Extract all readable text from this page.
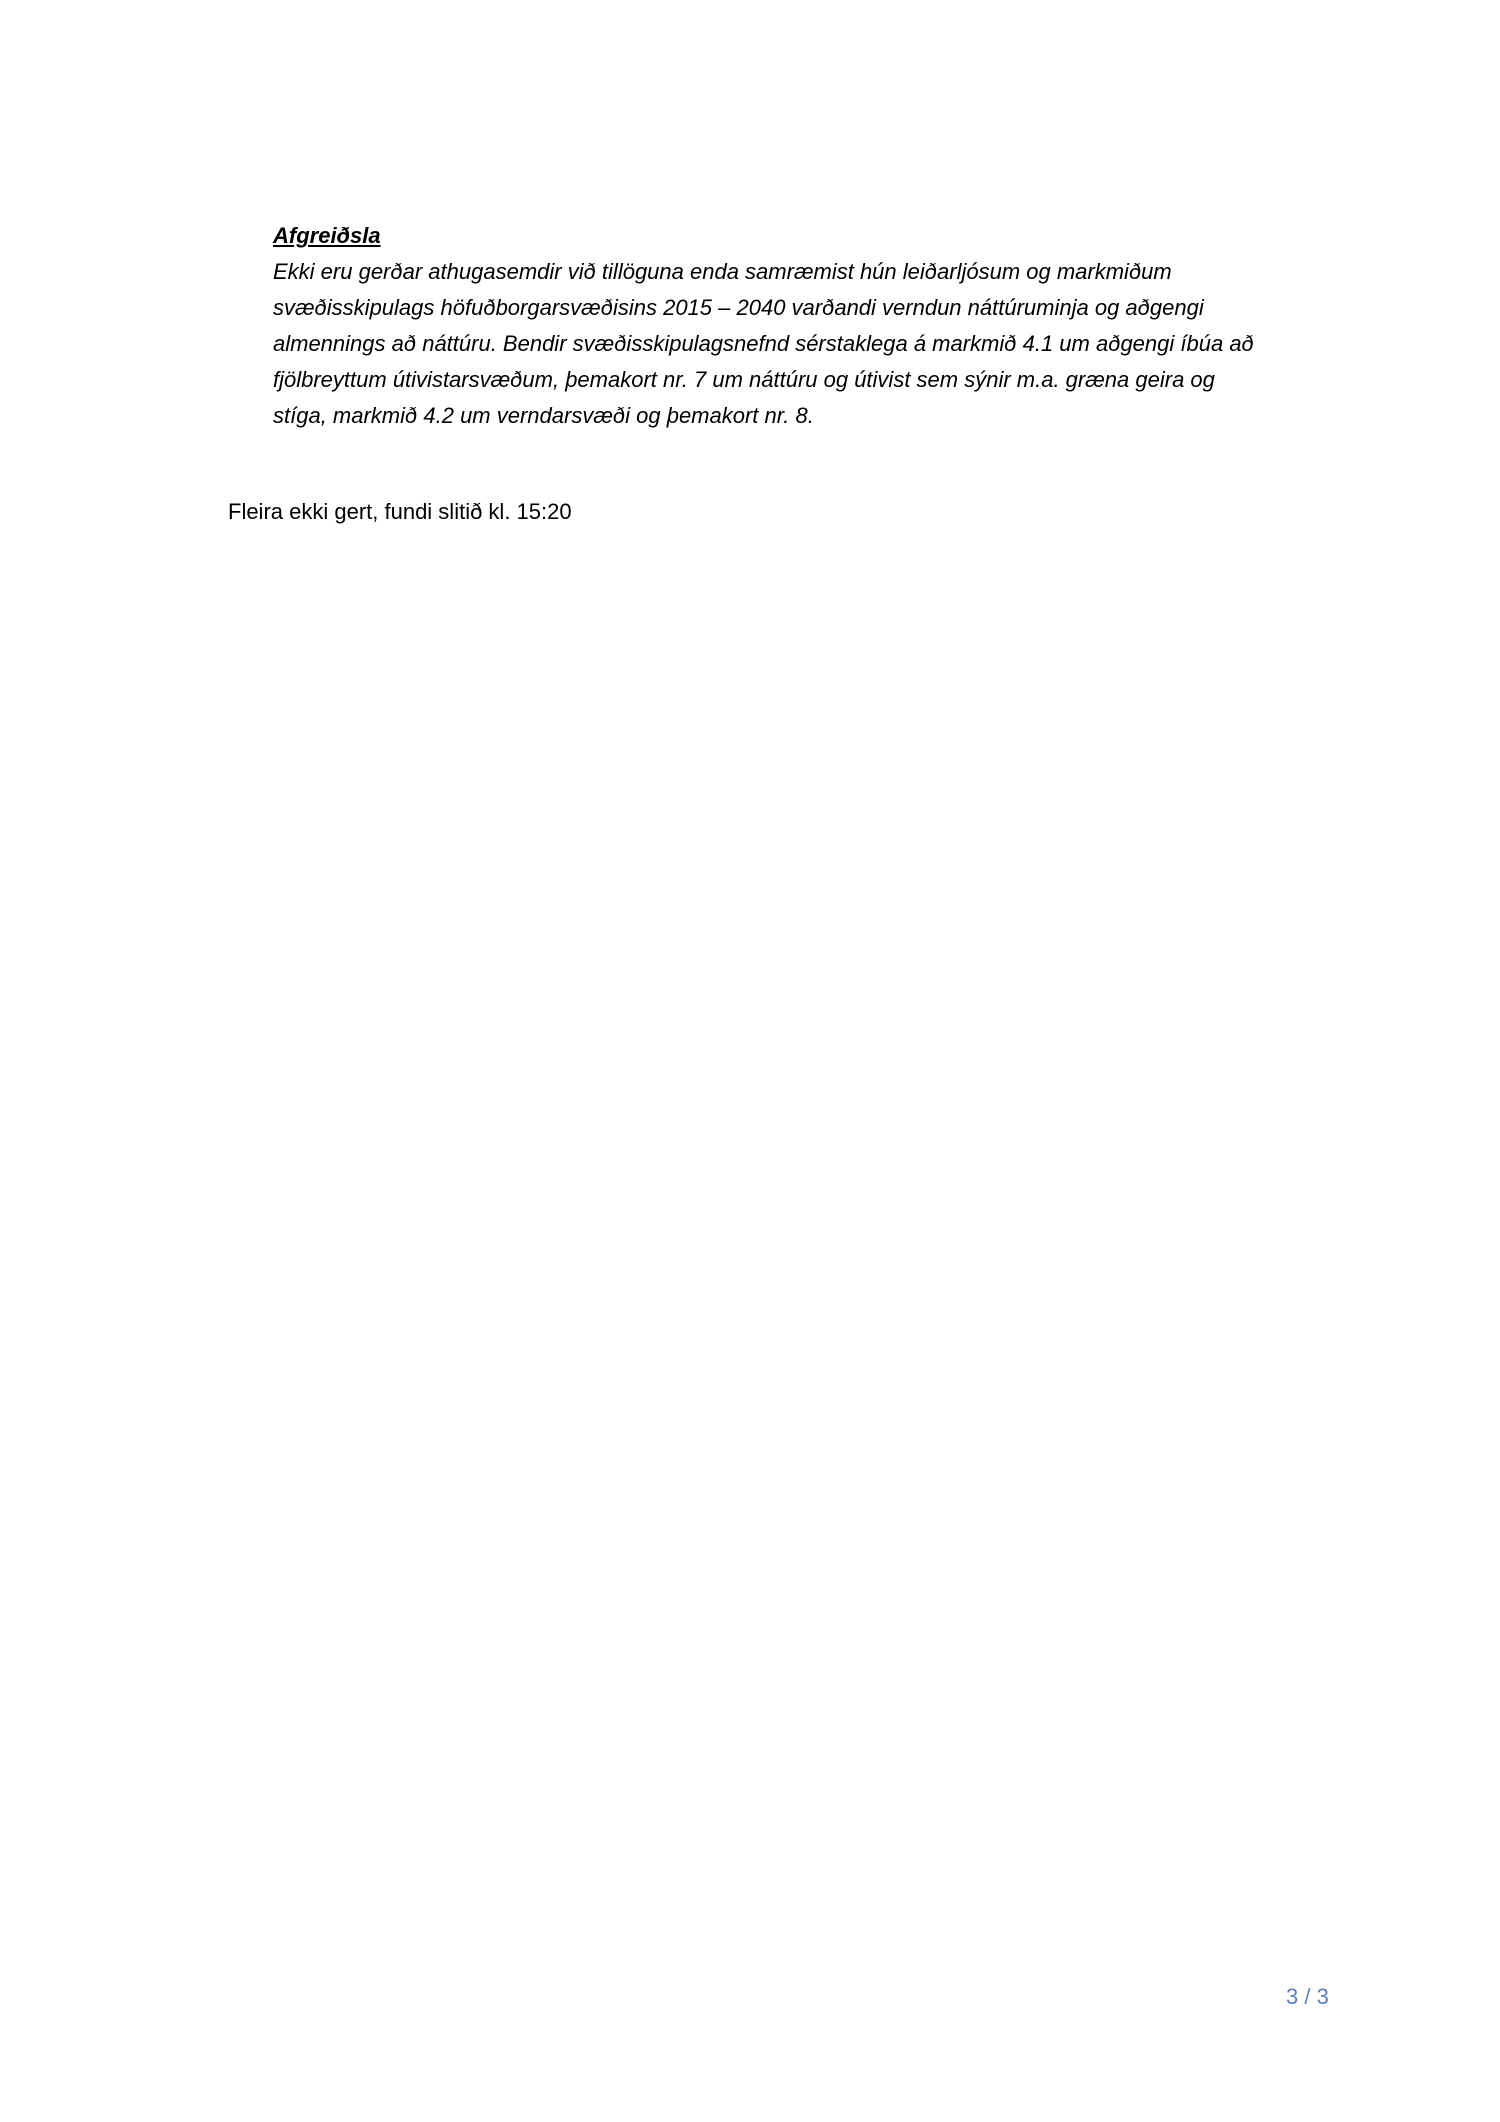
Afgreiðsla
Ekki eru gerðar athugasemdir við tillöguna enda samræmist hún leiðarljósum og markmiðum
svæðisskipulags höfuðborgarsvæðisins 2015 – 2040 varðandi verndun náttúruminja og aðgengi
almennings að náttúru. Bendir svæðisskipulagsnefnd sérstaklega á markmið 4.1 um aðgengi íbúa að
fjölbreyttum útivistarsvæðum, þemakort nr. 7 um náttúru og útivist sem sýnir m.a. græna geira og
stíga, markmið 4.2 um verndarsvæði og þemakort nr. 8.
Fleira ekki gert, fundi slitið kl. 15:20
3 / 3
